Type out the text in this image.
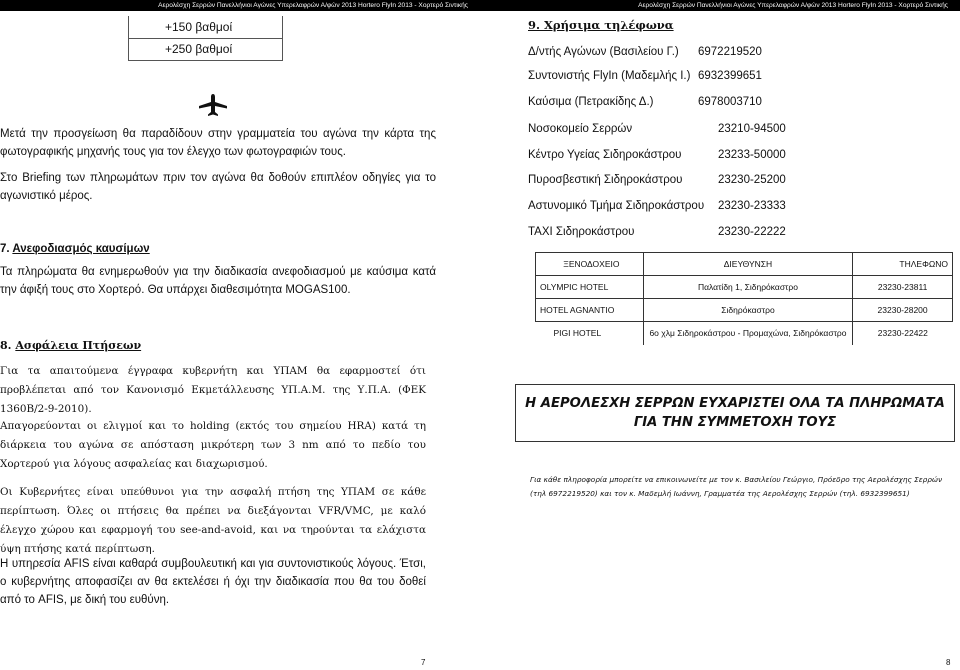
Αερολέσχη Σερρών Πανελλήνιοι Αγώνες Υπερελαφρών Α/φών 2013 Hortero FlyIn 2013 - Χορτερό Σιντικής
+150 βαθμοί
+250 βαθμοί
Μετά την προσγείωση θα παραδίδουν στην γραμματεία του αγώνα την κάρτα της φωτογραφικής μηχανής τους για τον έλεγχο των φωτογραφιών τους.
Στο Briefing των πληρωμάτων πριν τον αγώνα θα δοθούν επιπλέον οδηγίες για το αγωνιστικό μέρος.
7. Ανεφοδιασμός καυσίμων
Τα πληρώματα θα ενημερωθούν για την διαδικασία ανεφοδιασμού με καύσιμα κατά την άφιξή τους στο Χορτερό. Θα υπάρχει διαθεσιμότητα MOGAS100.
8. Ασφάλεια Πτήσεων
Για τα απαιτούμενα έγγραφα κυβερνήτη και ΥΠΑΜ θα εφαρμοστεί ότι προβλέπεται από τον Κανονισμό Εκμετάλλευσης ΥΠ.Α.Μ. της Υ.Π.Α. (ΦΕΚ 1360Β/2-9-2010).
Απαγορεύονται οι ελιγμοί και το holding (εκτός του σημείου HRA) κατά τη διάρκεια του αγώνα σε απόσταση μικρότερη των 3 nm από το πεδίο του Χορτερού για λόγους ασφαλείας και διαχωρισμού.
Οι Κυβερνήτες είναι υπεύθυνοι για την ασφαλή πτήση της ΥΠΑΜ σε κάθε περίπτωση. Όλες οι πτήσεις θα πρέπει να διεξάγονται VFR/VMC, με καλό έλεγχο χώρου και εφαρμογή του see-and-avoid, και να τηρούνται τα ελάχιστα ύψη πτήσης κατά περίπτωση.
Η υπηρεσία AFIS είναι καθαρά συμβουλευτική και για συντονιστικούς λόγους. Έτσι, ο κυβερνήτης αποφασίζει αν θα εκτελέσει ή όχι την διαδικασία που θα του δοθεί από το AFIS, με δική του ευθύνη.
7
Αερολέσχη Σερρών Πανελλήνιοι Αγώνες Υπερελαφρών Α/φών 2013 Hortero FlyIn 2013 - Χορτερό Σιντικής
9. Χρήσιμα τηλέφωνα
Δ/ντής Αγώνων (Βασιλείου Γ.) 6972219520
Συντονιστής FlyIn (Μαδεμλής Ι.) 6932399651
Καύσιμα (Πετρακίδης Δ.)	6978003710
Νοσοκομείο Σερρών	23210-94500
Κέντρο Υγείας Σιδηροκάστρου	23233-50000
Πυροσβεστική Σιδηροκάστρου	23230-25200
Αστυνομικό Τμήμα Σιδηροκάστρου 23230-23333
TAXI Σιδηροκάστρου	23230-22222
8
ΞΕΝΟΔΟΧΕΙΟ	ΔΙΕΥΘΥΝΣΗ	ΤΗΛΕΦΩΝΟ
OLYMPIC HOTEL	Παλατίδη 1, Σιδηρόκαστρο	23230-23811
HOTEL AGNANTIO	Σιδηρόκαστρο	23230-28200
PIGI HOTEL	6ο χλμ Σιδηροκάστρου - Προμαχώνα, Σιδηρόκαστρο	23230-22422
Η ΑΕΡΟΛΕΣΧΗ ΣΕΡΡΩΝ ΕΥΧΑΡΙΣΤΕΙ ΟΛΑ ΤΑ ΠΛΗΡΩΜΑΤΑ
ΓΙΑ ΤΗΝ ΣΥΜΜΕΤΟΧΗ ΤΟΥΣ
Για κάθε πληροφορία μπορείτε να επικοινωνείτε με τον κ. Βασιλείου Γεώργιο, Πρόεδρο της Αερολέσχης Σερρών (τηλ 6972219520) και τον κ. Μαδεμλή Ιωάννη, Γραμματέα της Αερολέσχης Σερρών (τηλ. 6932399651)
